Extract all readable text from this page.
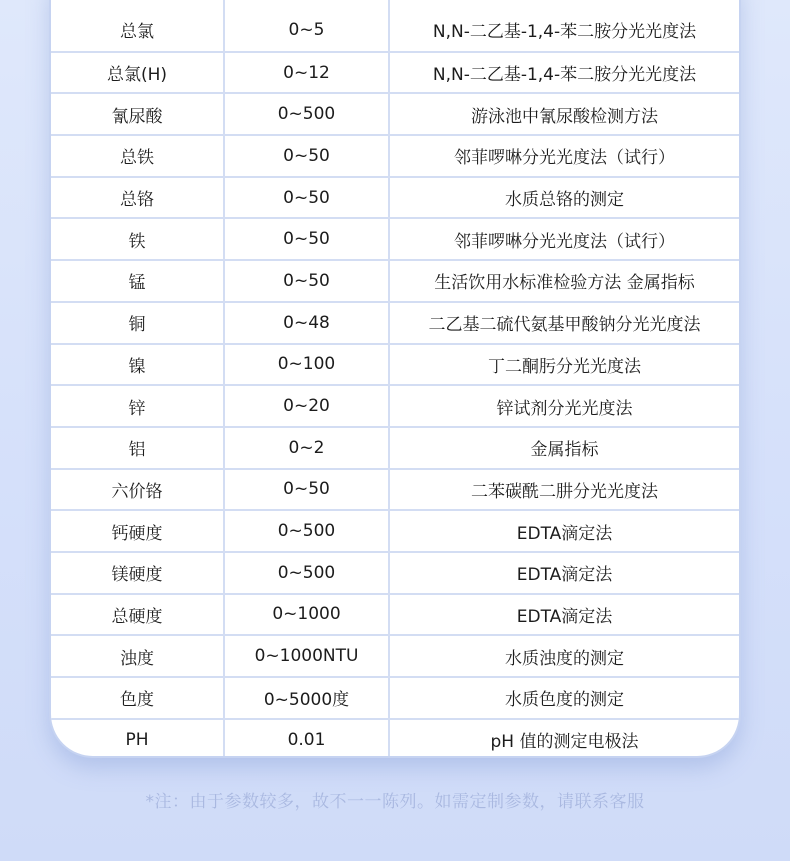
总氯	0~5	N,N-二乙基-1,4-苯二胺分光光度法
总氯(H)	0~12	N,N-二乙基-1,4-苯二胺分光光度法
氰尿酸	0~500	游泳池中氰尿酸检测方法
总铁	0~50	邻菲啰啉分光光度法（试行）
总铬	0~50	水质总铬的测定
铁	0~50	邻菲啰啉分光光度法（试行）
锰	0~50	生活饮用水标准检验方法 金属指标
铜	0~48	二乙基二硫代氨基甲酸钠分光光度法
镍	0~100	丁二酮肟分光光度法
锌	0~20	锌试剂分光光度法
铝	0~2	金属指标
六价铬	0~50	二苯碳酰二肼分光光度法
钙硬度	0~500	EDTA滴定法
镁硬度	0~500	EDTA滴定法
总硬度	0~1000	EDTA滴定法
浊度	0~1000NTU	水质浊度的测定
色度	0~5000度	水质色度的测定
PH	0.01	pH 值的测定电极法
*注：由于参数较多，故不一一陈列。如需定制参数，请联系客服
